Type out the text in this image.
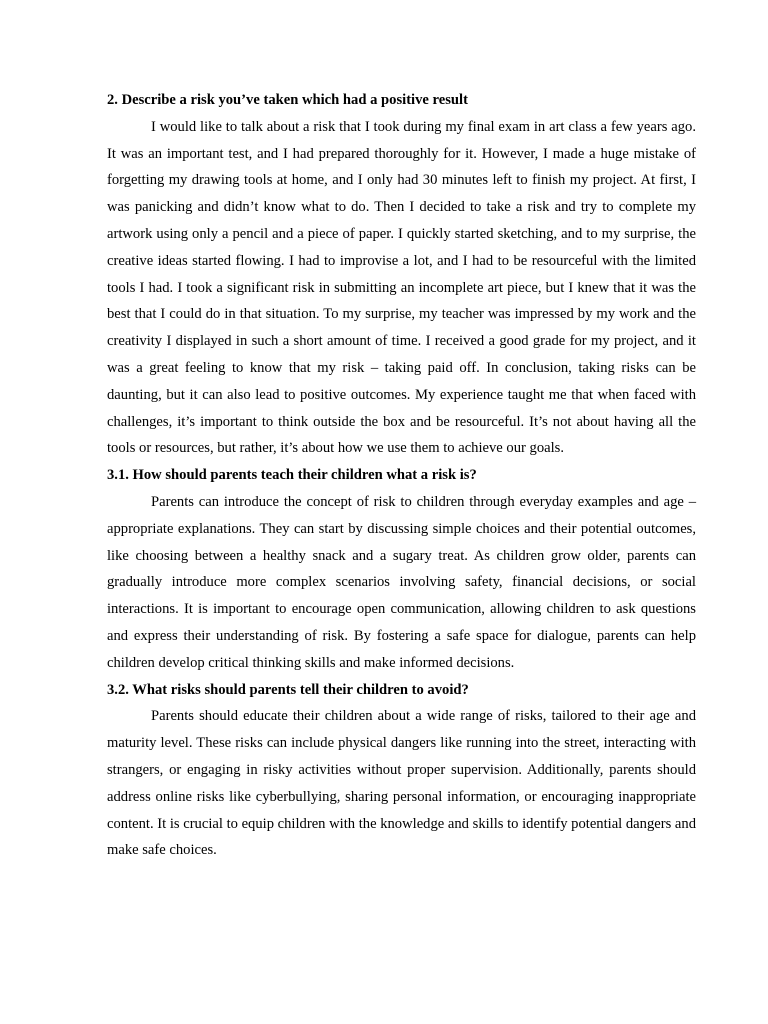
2. Describe a risk you’ve taken which had a positive result

I would like to talk about a risk that I took during my final exam in art class a few years ago. It was an important test, and I had prepared thoroughly for it. However, I made a huge mistake of forgetting my drawing tools at home, and I only had 30 minutes left to finish my project. At first, I was panicking and didn’t know what to do. Then I decided to take a risk and try to complete my artwork using only a pencil and a piece of paper. I quickly started sketching, and to my surprise, the creative ideas started flowing. I had to improvise a lot, and I had to be resourceful with the limited tools I had. I took a significant risk in submitting an incomplete art piece, but I knew that it was the best that I could do in that situation. To my surprise, my teacher was impressed by my work and the creativity I displayed in such a short amount of time. I received a good grade for my project, and it was a great feeling to know that my risk – taking paid off. In conclusion, taking risks can be daunting, but it can also lead to positive outcomes. My experience taught me that when faced with challenges, it’s important to think outside the box and be resourceful. It’s not about having all the tools or resources, but rather, it’s about how we use them to achieve our goals.

3.1. How should parents teach their children what a risk is?

Parents can introduce the concept of risk to children through everyday examples and age – appropriate explanations. They can start by discussing simple choices and their potential outcomes, like choosing between a healthy snack and a sugary treat. As children grow older, parents can gradually introduce more complex scenarios involving safety, financial decisions, or social interactions. It is important to encourage open communication, allowing children to ask questions and express their understanding of risk. By fostering a safe space for dialogue, parents can help children develop critical thinking skills and make informed decisions.

3.2. What risks should parents tell their children to avoid?

Parents should educate their children about a wide range of risks, tailored to their age and maturity level. These risks can include physical dangers like running into the street, interacting with strangers, or engaging in risky activities without proper supervision. Additionally, parents should address online risks like cyberbullying, sharing personal information, or encouraging inappropriate content. It is crucial to equip children with the knowledge and skills to identify potential dangers and make safe choices.
